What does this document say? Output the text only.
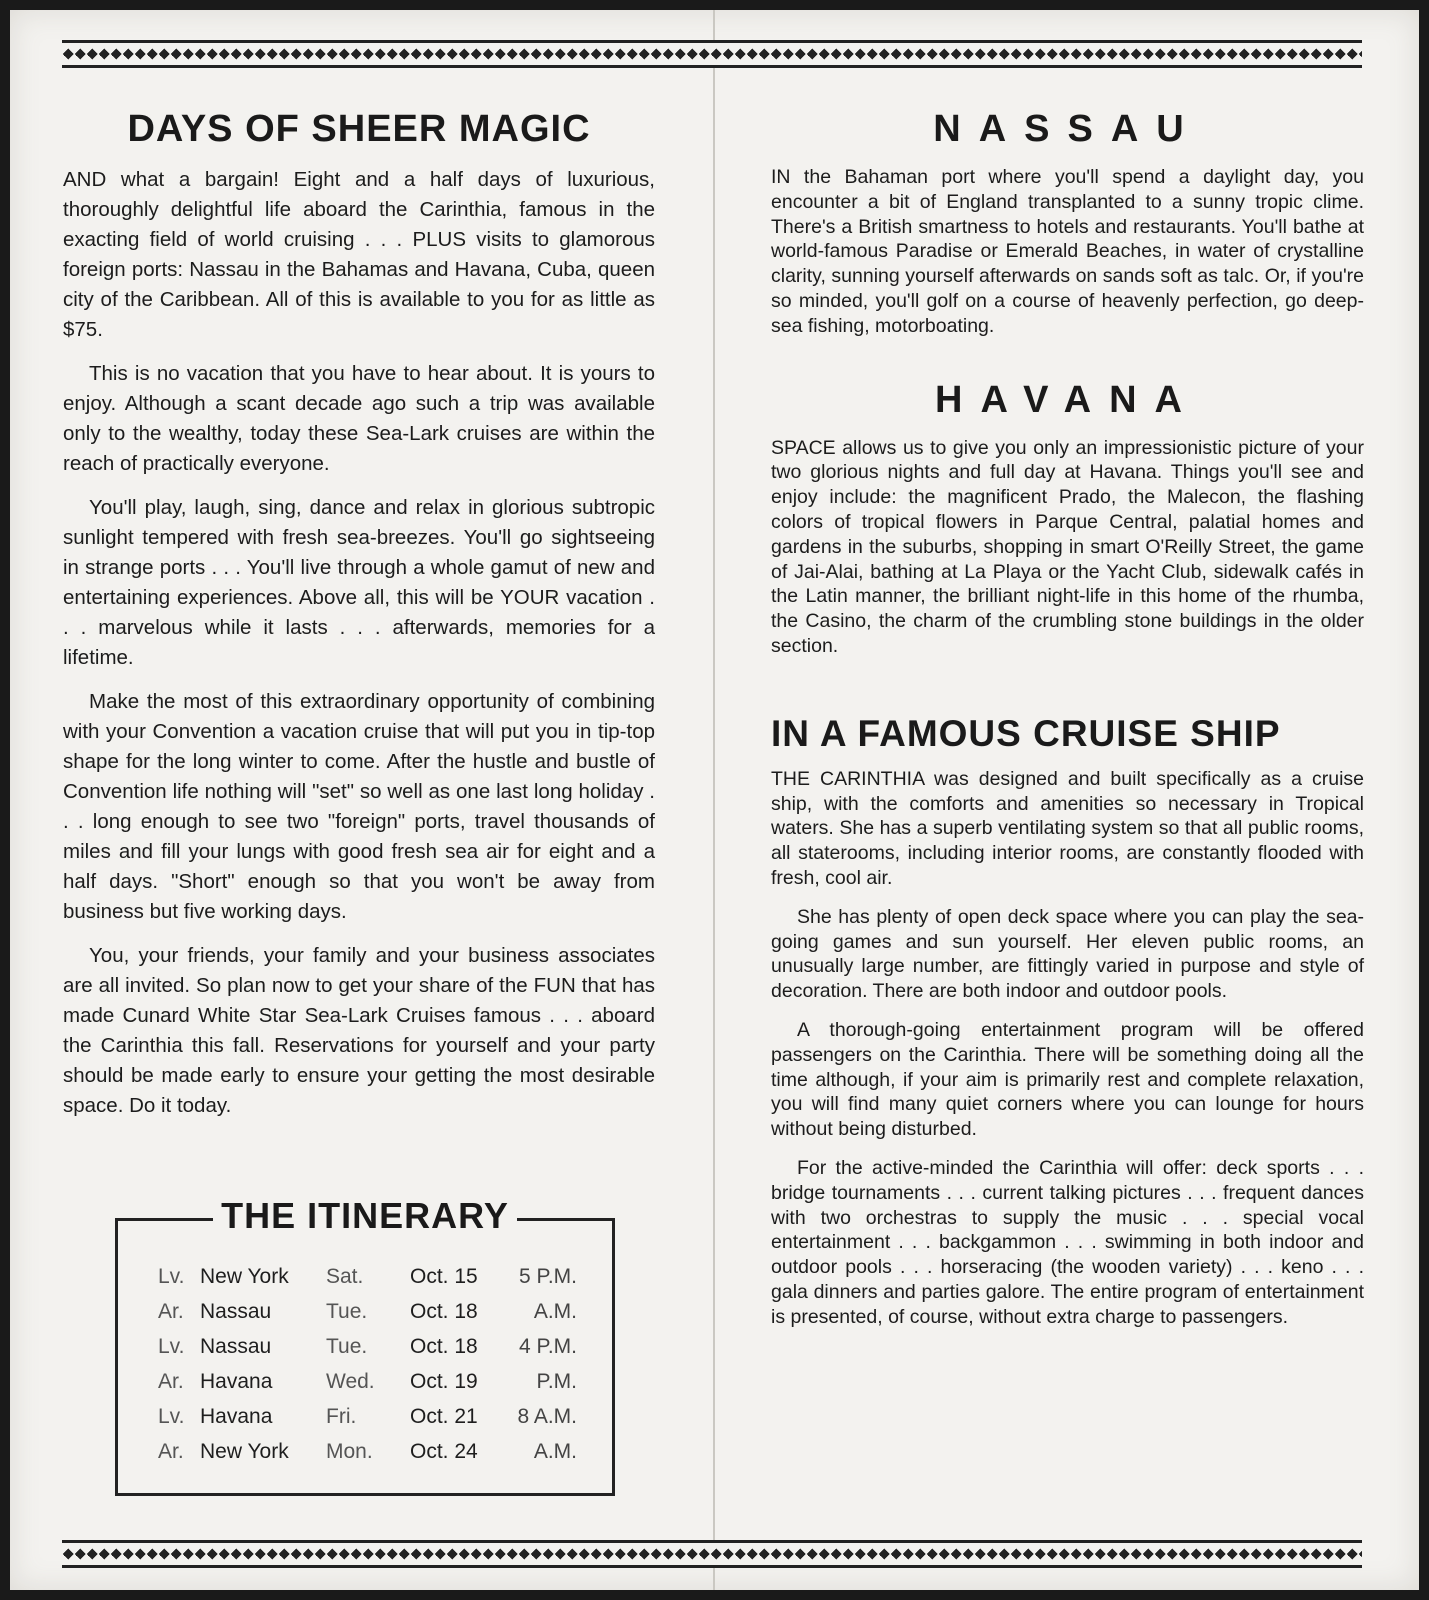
DAYS OF SHEER MAGIC

AND what a bargain! Eight and a half days of luxurious, thoroughly delightful life aboard the Carinthia, famous in the exacting field of world cruising . . . PLUS visits to glamorous foreign ports: Nassau in the Bahamas and Havana, Cuba, queen city of the Caribbean. All of this is available to you for as little as $75.

This is no vacation that you have to hear about. It is yours to enjoy. Although a scant decade ago such a trip was available only to the wealthy, today these Sea-Lark cruises are within the reach of practically everyone.

You'll play, laugh, sing, dance and relax in glorious subtropic sunlight tempered with fresh sea-breezes. You'll go sightseeing in strange ports . . . You'll live through a whole gamut of new and entertaining experiences. Above all, this will be YOUR vacation . . . marvelous while it lasts . . . afterwards, memories for a lifetime.

Make the most of this extraordinary opportunity of combining with your Convention a vacation cruise that will put you in tip-top shape for the long winter to come. After the hustle and bustle of Convention life nothing will "set" so well as one last long holiday . . . long enough to see two "foreign" ports, travel thousands of miles and fill your lungs with good fresh sea air for eight and a half days. "Short" enough so that you won't be away from business but five working days.

You, your friends, your family and your business associates are all invited. So plan now to get your share of the FUN that has made Cunard White Star Sea-Lark Cruises famous . . . aboard the Carinthia this fall. Reservations for yourself and your party should be made early to ensure your getting the most desirable space. Do it today.

THE ITINERARY
Lv.	New York	Sat.	Oct. 15	5 P.M.
Ar.	Nassau	Tue.	Oct. 18	A.M.
Lv.	Nassau	Tue.	Oct. 18	4 P.M.
Ar.	Havana	Wed.	Oct. 19	P.M.
Lv.	Havana	Fri.	Oct. 21	8 A.M.
Ar.	New York	Mon.	Oct. 24	A.M.
NASSAU

IN the Bahaman port where you'll spend a daylight day, you encounter a bit of England transplanted to a sunny tropic clime. There's a British smartness to hotels and restaurants. You'll bathe at world-famous Paradise or Emerald Beaches, in water of crystalline clarity, sunning yourself afterwards on sands soft as talc. Or, if you're so minded, you'll golf on a course of heavenly perfection, go deep-sea fishing, motorboating.

HAVANA

SPACE allows us to give you only an impressionistic picture of your two glorious nights and full day at Havana. Things you'll see and enjoy include: the magnificent Prado, the Malecon, the flashing colors of tropical flowers in Parque Central, palatial homes and gardens in the suburbs, shopping in smart O'Reilly Street, the game of Jai-Alai, bathing at La Playa or the Yacht Club, sidewalk cafés in the Latin manner, the brilliant night-life in this home of the rhumba, the Casino, the charm of the crumbling stone buildings in the older section.

IN A FAMOUS CRUISE SHIP

THE CARINTHIA was designed and built specifically as a cruise ship, with the comforts and amenities so necessary in Tropical waters. She has a superb ventilating system so that all public rooms, all staterooms, including interior rooms, are constantly flooded with fresh, cool air.

She has plenty of open deck space where you can play the sea-going games and sun yourself. Her eleven public rooms, an unusually large number, are fittingly varied in purpose and style of decoration. There are both indoor and outdoor pools.

A thorough-going entertainment program will be offered passengers on the Carinthia. There will be something doing all the time although, if your aim is primarily rest and complete relaxation, you will find many quiet corners where you can lounge for hours without being disturbed.

For the active-minded the Carinthia will offer: deck sports . . . bridge tournaments . . . current talking pictures . . . frequent dances with two orchestras to supply the music . . . special vocal entertainment . . . backgammon . . . swimming in both indoor and outdoor pools . . . horseracing (the wooden variety) . . . keno . . . gala dinners and parties galore. The entire program of entertainment is presented, of course, without extra charge to passengers.
